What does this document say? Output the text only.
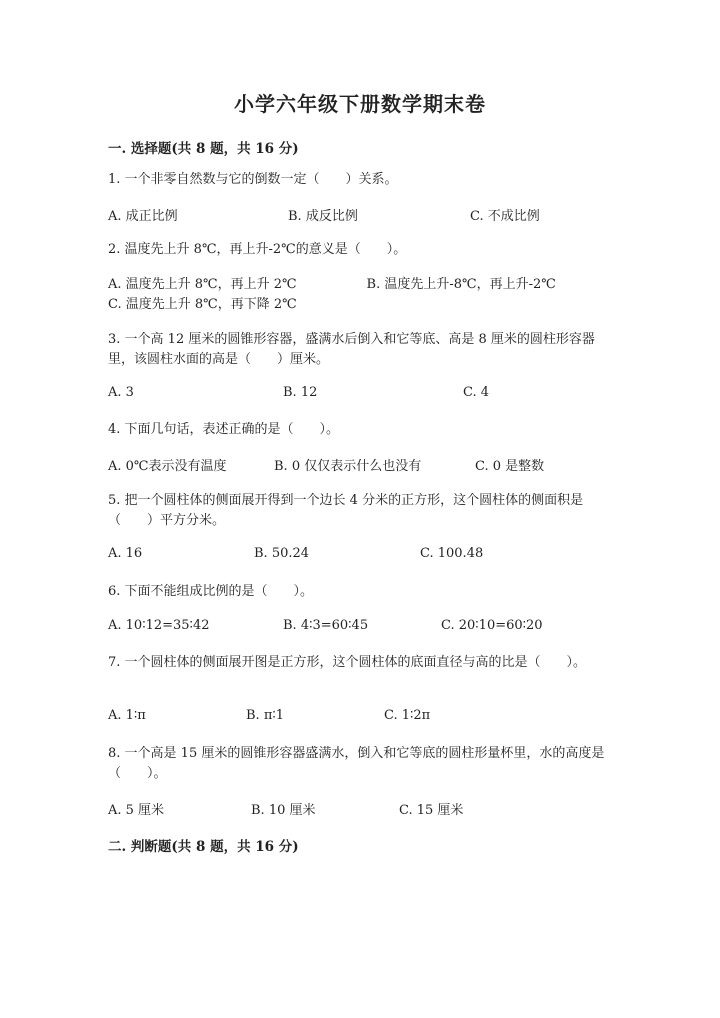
小学六年级下册数学期末卷
一. 选择题(共 8 题，共 16 分)
1. 一个非零自然数与它的倒数一定（　　）关系。
A. 成正比例	B. 成反比例	C. 不成比例
2. 温度先上升 8℃，再上升-2℃的意义是（　　）。
A. 温度先上升 8℃，再上升 2℃	B. 温度先上升-8℃，再上升-2℃C. 温度先上升 8℃，再下降 2℃
3. 一个高 12 厘米的圆锥形容器，盛满水后倒入和它等底、高是 8 厘米的圆柱形容器里，该圆柱水面的高是（　　）厘米。
A. 3	B. 12	C. 4
4. 下面几句话，表述正确的是（　　）。
A. 0℃表示没有温度	B. 0 仅仅表示什么也没有	C. 0 是整数
5. 把一个圆柱体的侧面展开得到一个边长 4 分米的正方形，这个圆柱体的侧面积是（　　）平方分米。
A. 16	B. 50.24	C. 100.48
6. 下面不能组成比例的是（　　）。
A. 10∶12=35∶42	B. 4∶3=60∶45	C. 20∶10=60∶20
7. 一个圆柱体的侧面展开图是正方形，这个圆柱体的底面直径与高的比是（　　）。
A. 1∶π	B. π∶1	C. 1∶2π
8. 一个高是 15 厘米的圆锥形容器盛满水，倒入和它等底的圆柱形量杯里，水的高度是（　　）。
A. 5 厘米	B. 10 厘米	C. 15 厘米
二. 判断题(共 8 题，共 16 分)
